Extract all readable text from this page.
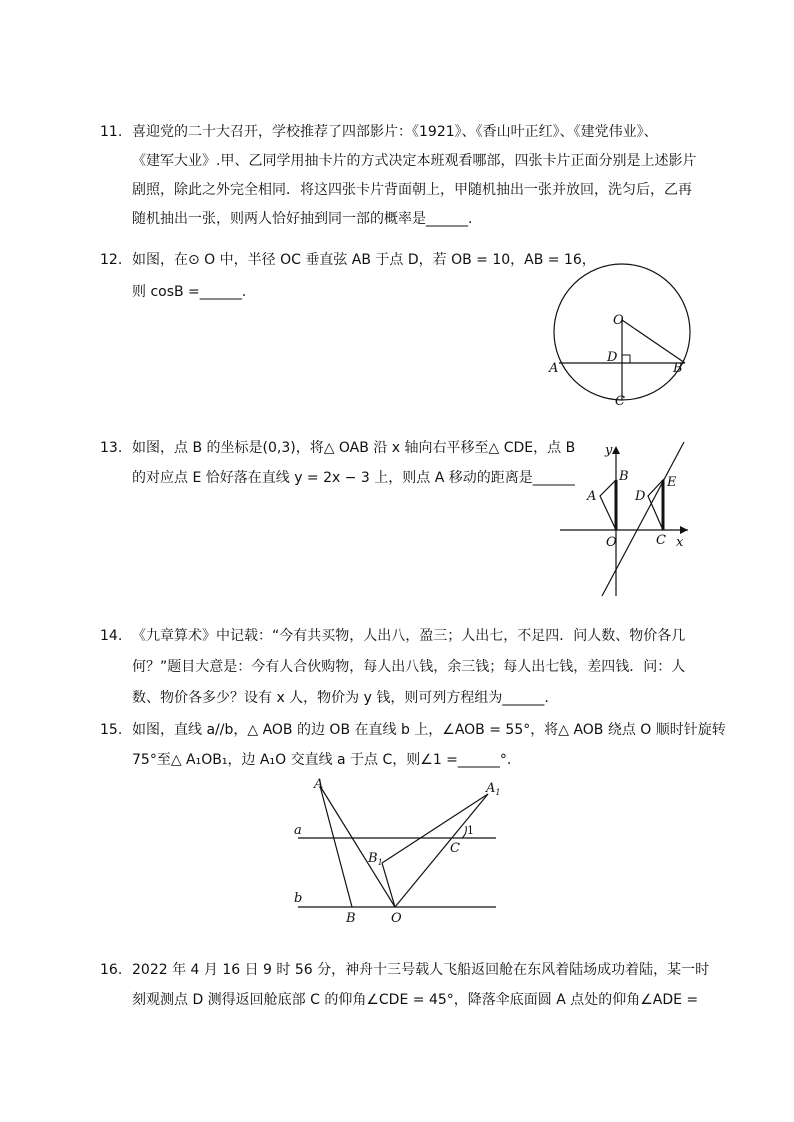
11. 喜迎党的二十大召开，学校推荐了四部影片：《1921》、《香山叶正红》、《建党伟业》、
《建军大业》.甲、乙同学用抽卡片的方式决定本班观看哪部，四张卡片正面分别是上述影片
剧照，除此之外完全相同．将这四张卡片背面朝上，甲随机抽出一张并放回，洗匀后，乙再
随机抽出一张，则两人恰好抽到同一部的概率是______.
12. 如图，在⊙ O 中，半径 OC 垂直弦 AB 于点 D，若 OB = 10，AB = 16，
则 cosB =______.
O
D
A	B
C
13. 如图，点 B 的坐标是(0,3)，将△ OAB 沿 x 轴向右平移至△ CDE，点 B
的对应点 E 恰好落在直线 y = 2x − 3 上，则点 A 移动的距离是______
y
x
B
A
O
D
E
C
14. 《九章算术》中记载：“今有共买物，人出八，盈三；人出七，不足四．问人数、物价各几
何？”题目大意是：今有人合伙购物，每人出八钱，余三钱；每人出七钱，差四钱．问：人
数、物价各多少？设有 x 人，物价为 y 钱，则可列方程组为______.
15. 如图，直线 a//b，△ AOB 的边 OB 在直线 b 上，∠AOB = 55°，将△ AOB 绕点 O 顺时针旋转
75°至△ A₁OB₁，边 A₁O 交直线 a 于点 C，则∠1 =______°.
A	$A_1$
a
b
1
C
$B_1$
B	O
16. 2022 年 4 月 16 日 9 时 56 分，神舟十三号载人飞船返回舱在东风着陆场成功着陆，某一时
刻观测点 D 测得返回舱底部 C 的仰角∠CDE = 45°，降落伞底面圆 A 点处的仰角∠ADE =
